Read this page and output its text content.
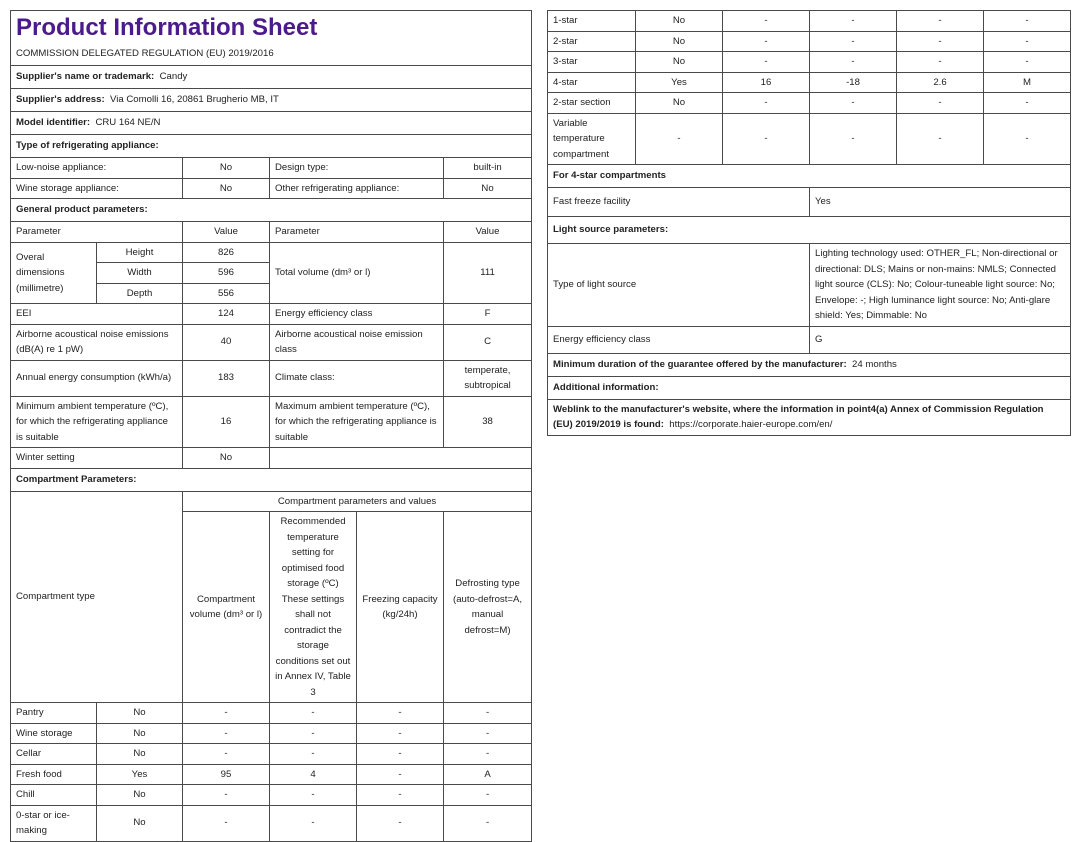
Product Information Sheet					
COMMISSION DELEGATED REGULATION (EU) 2019/2016					
Supplier's name or trademark: Candy					
Supplier's address: Via Comolli 16, 20861 Brugherio MB, IT					
Model identifier: CRU 164 NE/N					
Type of refrigerating appliance:					
Low-noise appliance:		No	Design type:		built-in
Wine storage appliance:		No	Other refrigerating appliance:		No
General product parameters:					
Parameter		Value	Parameter		Value
Overal dimensions (millimetre)	Height	826	Total volume (dm³ or l)		111
	Width	596			
	Depth	556			
EEI		124	Energy efficiency class		F
Airborne acoustical noise emissions (dB(A) re 1 pW)		40	Airborne acoustical noise emission class		C
Annual energy consumption (kWh/a)		183	Climate class:		temperate, subtropical
Minimum ambient temperature (ºC), for which the refrigerating appliance is suitable		16	Maximum ambient temperature (ºC), for which the refrigerating appliance is suitable		38
Winter setting		No			
Compartment Parameters:					
Compartment type		Compartment parameters and values			
		Compartment volume (dm³ or l)	Recommended temperature setting for optimised food storage (ºC) These settings shall not contradict the storage conditions set out in Annex IV, Table 3	Freezing capacity (kg/24h)	Defrosting type (auto-defrost=A, manual defrost=M)
Pantry	No	-	-	-	-
Wine storage	No	-	-	-	-
Cellar	No	-	-	-	-
Fresh food	Yes	95	4	-	A
Chill	No	-	-	-	-
0-star or ice-making	No	-	-	-	-
1-star	No	-	-	-	-
2-star	No	-	-	-	-
3-star	No	-	-	-	-
4-star	Yes	16	-18	2.6	M
2-star section	No	-	-	-	-
Variable temperature compartment	-	-	-	-	-
For 4-star compartments					
Fast freeze facility			Yes		
Light source parameters:					
Type of light source			Lighting technology used: OTHER_FL; Non-directional or directional: DLS; Mains or non-mains: NMLS; Connected light source (CLS): No; Colour-tuneable light source: No; Envelope: -; High luminance light source: No; Anti-glare shield: Yes; Dimmable: No		
Energy efficiency class			G		
Minimum duration of the guarantee offered by the manufacturer: 24 months					
Additional information:					
Weblink to the manufacturer's website, where the information in point4(a) Annex of Commission Regulation (EU) 2019/2019 is found: https://corporate.haier-europe.com/en/					
